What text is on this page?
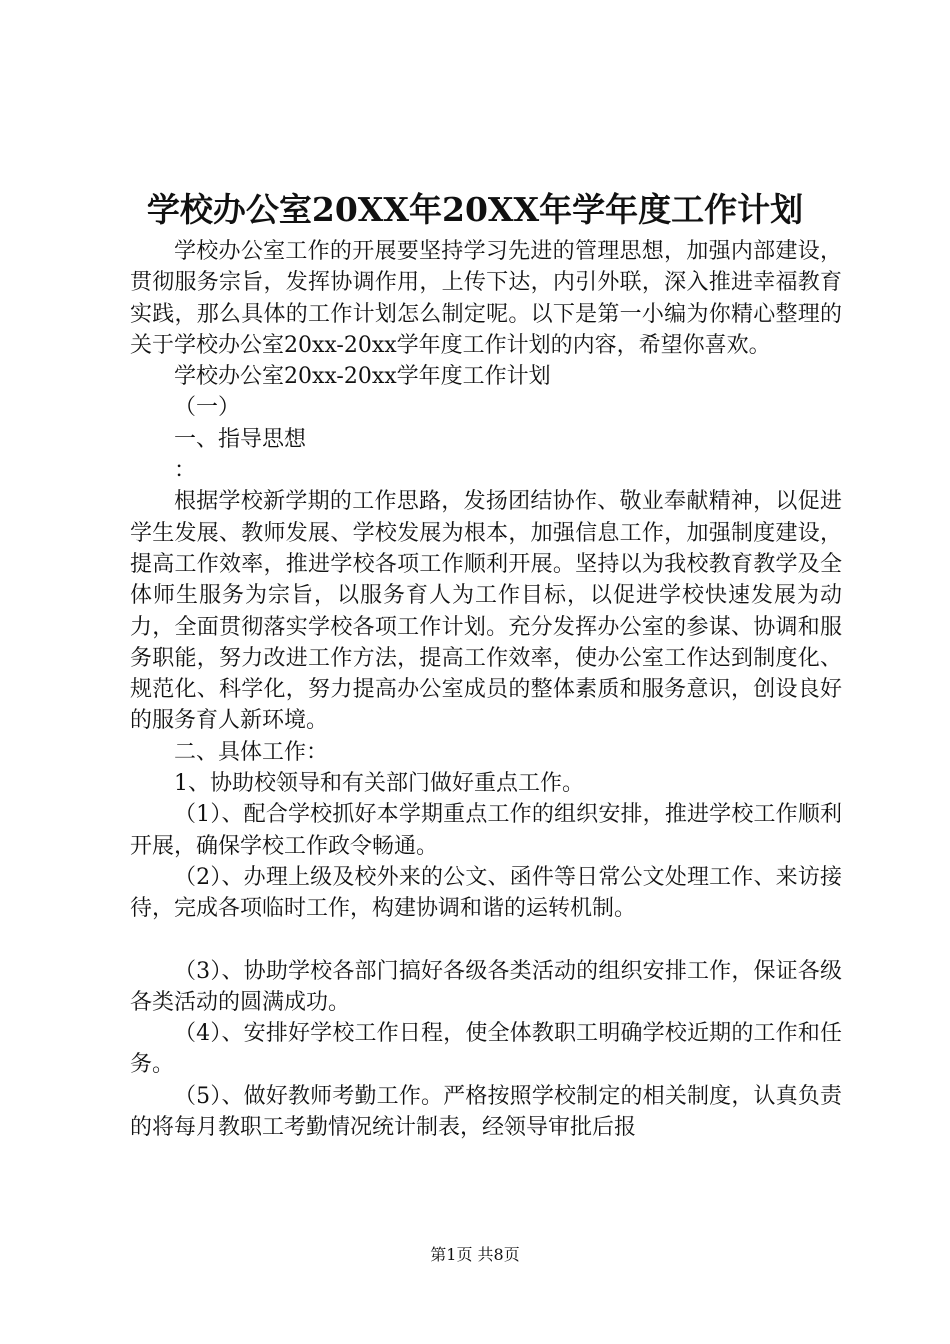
学校办公室20XX年20XX年学年度工作计划

学校办公室工作的开展要坚持学习先进的管理思想，加强内部建设，贯彻服务宗旨，发挥协调作用，上传下达，内引外联，深入推进幸福教育实践，那么具体的工作计划怎么制定呢。以下是第一小编为你精心整理的关于学校办公室20xx-20xx学年度工作计划的内容，希望你喜欢。

学校办公室20xx-20xx学年度工作计划

（一）

一、指导思想

：

根据学校新学期的工作思路，发扬团结协作、敬业奉献精神，以促进学生发展、教师发展、学校发展为根本，加强信息工作，加强制度建设，提高工作效率，推进学校各项工作顺利开展。坚持以为我校教育教学及全体师生服务为宗旨，以服务育人为工作目标，以促进学校快速发展为动力，全面贯彻落实学校各项工作计划。充分发挥办公室的参谋、协调和服务职能，努力改进工作方法，提高工作效率，使办公室工作达到制度化、规范化、科学化，努力提高办公室成员的整体素质和服务意识，创设良好的服务育人新环境。

二、具体工作：

1、协助校领导和有关部门做好重点工作。

（1）、配合学校抓好本学期重点工作的组织安排，推进学校工作顺利开展，确保学校工作政令畅通。

（2）、办理上级及校外来的公文、函件等日常公文处理工作、来访接待，完成各项临时工作，构建协调和谐的运转机制。

（3）、协助学校各部门搞好各级各类活动的组织安排工作，保证各级各类活动的圆满成功。

（4）、安排好学校工作日程，使全体教职工明确学校近期的工作和任务。

（5）、做好教师考勤工作。严格按照学校制定的相关制度，认真负责的将每月教职工考勤情况统计制表，经领导审批后报

第1页 共8页
